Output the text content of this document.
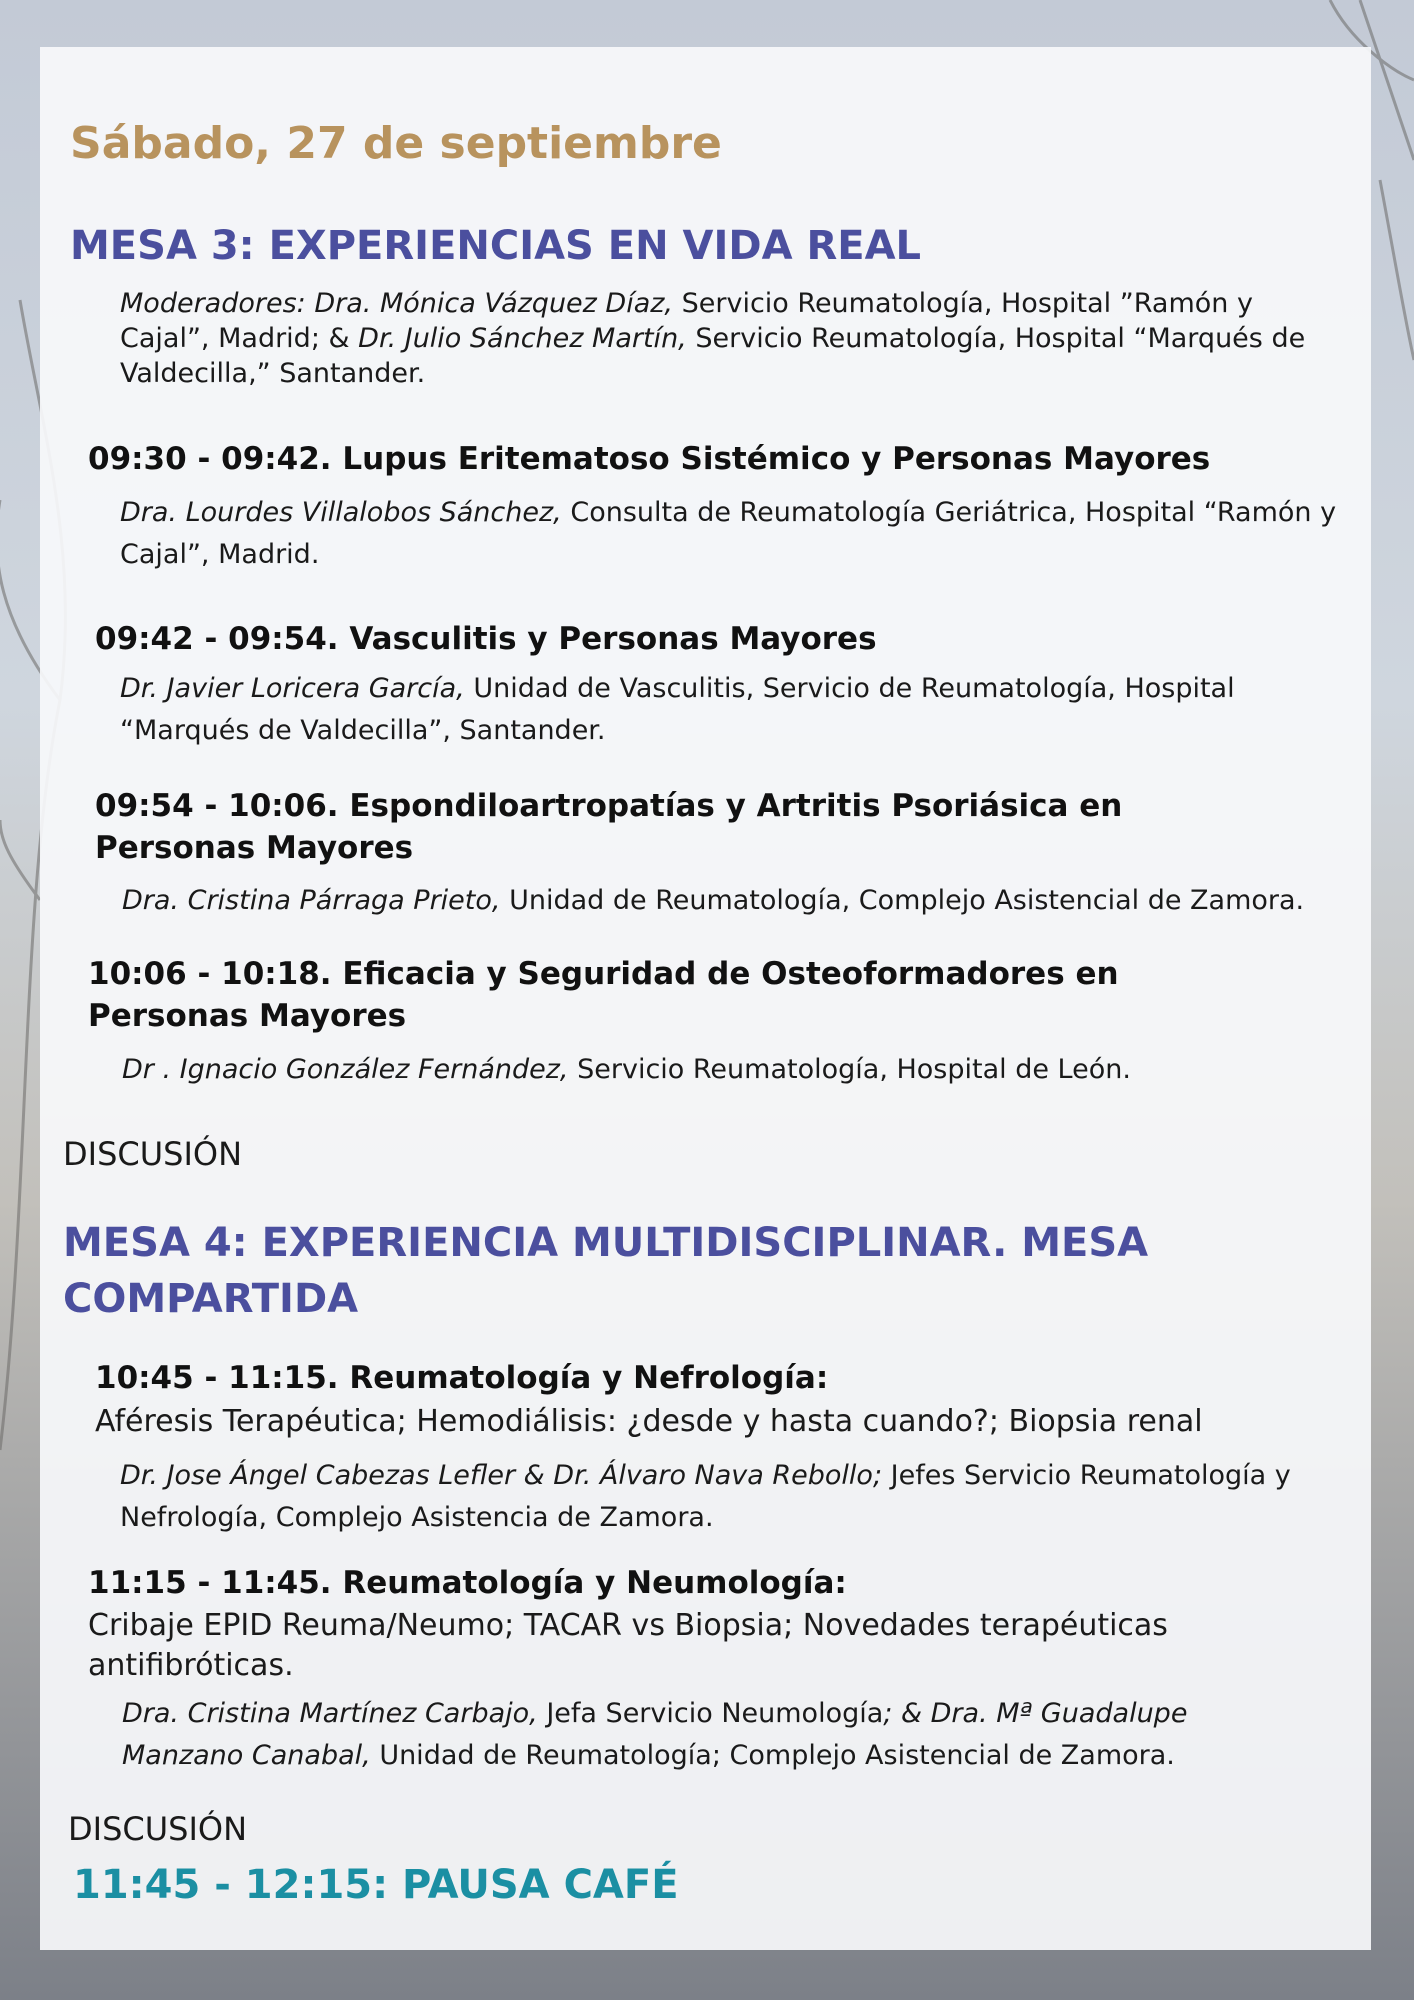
Sábado, 27 de septiembre
MESA 3: EXPERIENCIAS EN VIDA REAL
Moderadores: Dra. Mónica Vázquez Díaz, Servicio Reumatología, Hospital ”Ramón y Cajal”, Madrid; & Dr. Julio Sánchez Martín, Servicio Reumatología, Hospital “Marqués de Valdecilla,” Santander.
09:30 - 09:42. Lupus Eritematoso Sistémico y Personas Mayores
Dra. Lourdes Villalobos Sánchez, Consulta de Reumatología Geriátrica, Hospital “Ramón y Cajal”, Madrid.
09:42 - 09:54. Vasculitis y Personas Mayores
Dr. Javier Loricera García, Unidad de Vasculitis, Servicio de Reumatología, Hospital “Marqués de Valdecilla”, Santander.
09:54 - 10:06. Espondiloartropatías y Artritis Psoriásica en Personas Mayores
Dra. Cristina Párraga Prieto, Unidad de Reumatología, Complejo Asistencial de Zamora.
10:06 - 10:18. Eficacia y Seguridad de Osteoformadores en Personas Mayores
Dr . Ignacio González Fernández, Servicio Reumatología, Hospital de León.
DISCUSIÓN
MESA 4: EXPERIENCIA MULTIDISCIPLINAR. MESA COMPARTIDA
10:45 - 11:15. Reumatología y Nefrología:
Aféresis Terapéutica; Hemodiálisis: ¿desde y hasta cuando?; Biopsia renal
Dr. Jose Ángel Cabezas Lefler & Dr. Álvaro Nava Rebollo; Jefes Servicio Reumatología y Nefrología, Complejo Asistencia de Zamora.
11:15 - 11:45. Reumatología y Neumología:
Cribaje EPID Reuma/Neumo; TACAR vs Biopsia; Novedades terapéuticas antifibróticas.
Dra. Cristina Martínez Carbajo, Jefa Servicio Neumología; & Dra. Mª Guadalupe Manzano Canabal, Unidad de Reumatología; Complejo Asistencial de Zamora.
DISCUSIÓN
11:45 - 12:15: PAUSA CAFÉ
